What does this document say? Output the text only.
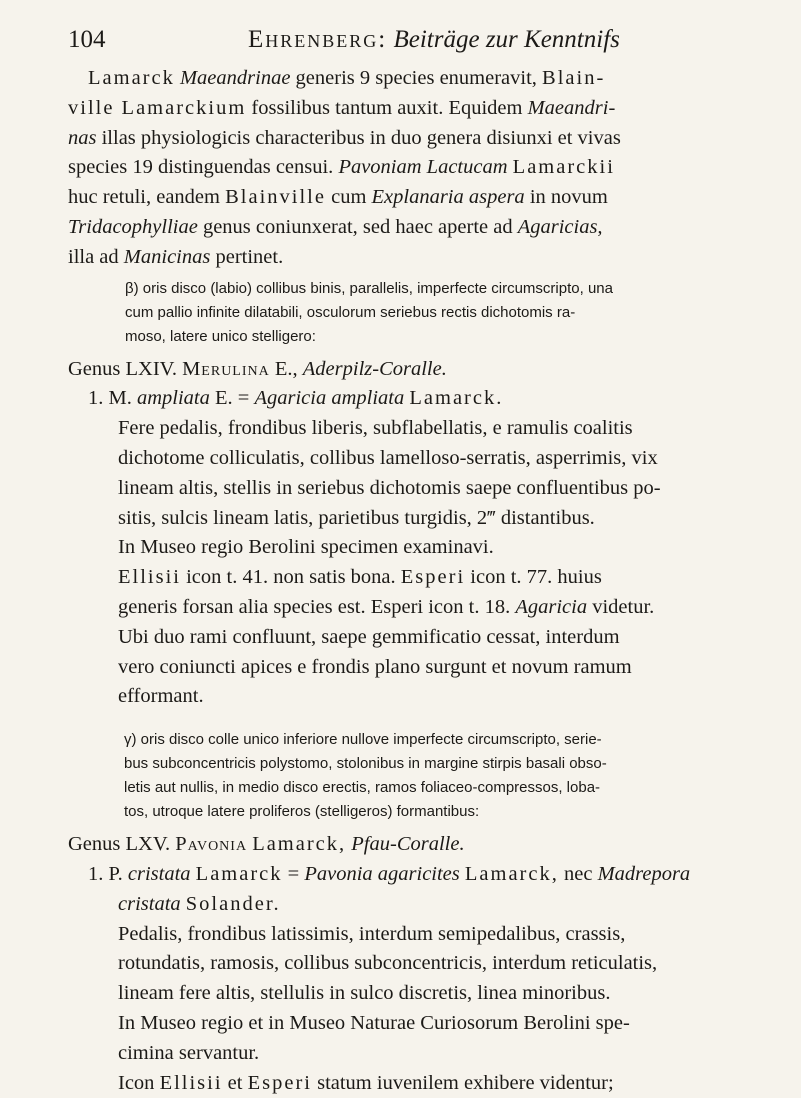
104	Ehrenberg: Beiträge zur Kenntnifs
Lamarck Maeandrinae generis 9 species enumeravit, Blain-
ville Lamarckium fossilibus tantum auxit. Equidem Maeandri-
nas illas physiologicis characteribus in duo genera disiunxi et vivas
species 19 distinguendas censui. Pavoniam Lactucam Lamarckii
huc retuli, eandem Blainville cum Explanaria aspera in novum
Tridacophylliae genus coniunxerat, sed haec aperte ad Agaricias,
illa ad Manicinas pertinet.
β) oris disco (labio) collibus binis, parallelis, imperfecte circumscripto, una
cum pallio infinite dilatabili, osculorum seriebus rectis dichotomis ra-
moso, latere unico stelligero:
Genus LXIV. Merulina E., Aderpilz-Coralle.
1. M. ampliata E. = Agaricia ampliata Lamarck.
Fere pedalis, frondibus liberis, subflabellatis, e ramulis coalitis
dichotome colliculatis, collibus lamelloso-serratis, asperrimis, vix
lineam altis, stellis in seriebus dichotomis saepe confluentibus po-
sitis, sulcis lineam latis, parietibus turgidis, 2‴ distantibus.
In Museo regio Berolini specimen examinavi.
Ellisii icon t. 41. non satis bona. Esperi icon t. 77. huius
generis forsan alia species est. Esperi icon t. 18. Agaricia videtur.
Ubi duo rami confluunt, saepe gemmificatio cessat, interdum
vero coniuncti apices e frondis plano surgunt et novum ramum
efformant.
γ) oris disco colle unico inferiore nullove imperfecte circumscripto, serie-
bus subconcentricis polystomo, stolonibus in margine stirpis basali obso-
letis aut nullis, in medio disco erectis, ramos foliaceo-compressos, loba-
tos, utroque latere proliferos (stelligeros) formantibus:
Genus LXV. Pavonia Lamarck, Pfau-Coralle.
1. P. cristata Lamarck = Pavonia agaricites Lamarck, nec Madrepora
cristata Solander.
Pedalis, frondibus latissimis, interdum semipedalibus, crassis,
rotundatis, ramosis, collibus subconcentricis, interdum reticulatis,
lineam fere altis, stellulis in sulco discretis, linea minoribus.
In Museo regio et in Museo Naturae Curiosorum Berolini spe-
cimina servantur.
Icon Ellisii et Esperi statum iuvenilem exhibere videntur;
